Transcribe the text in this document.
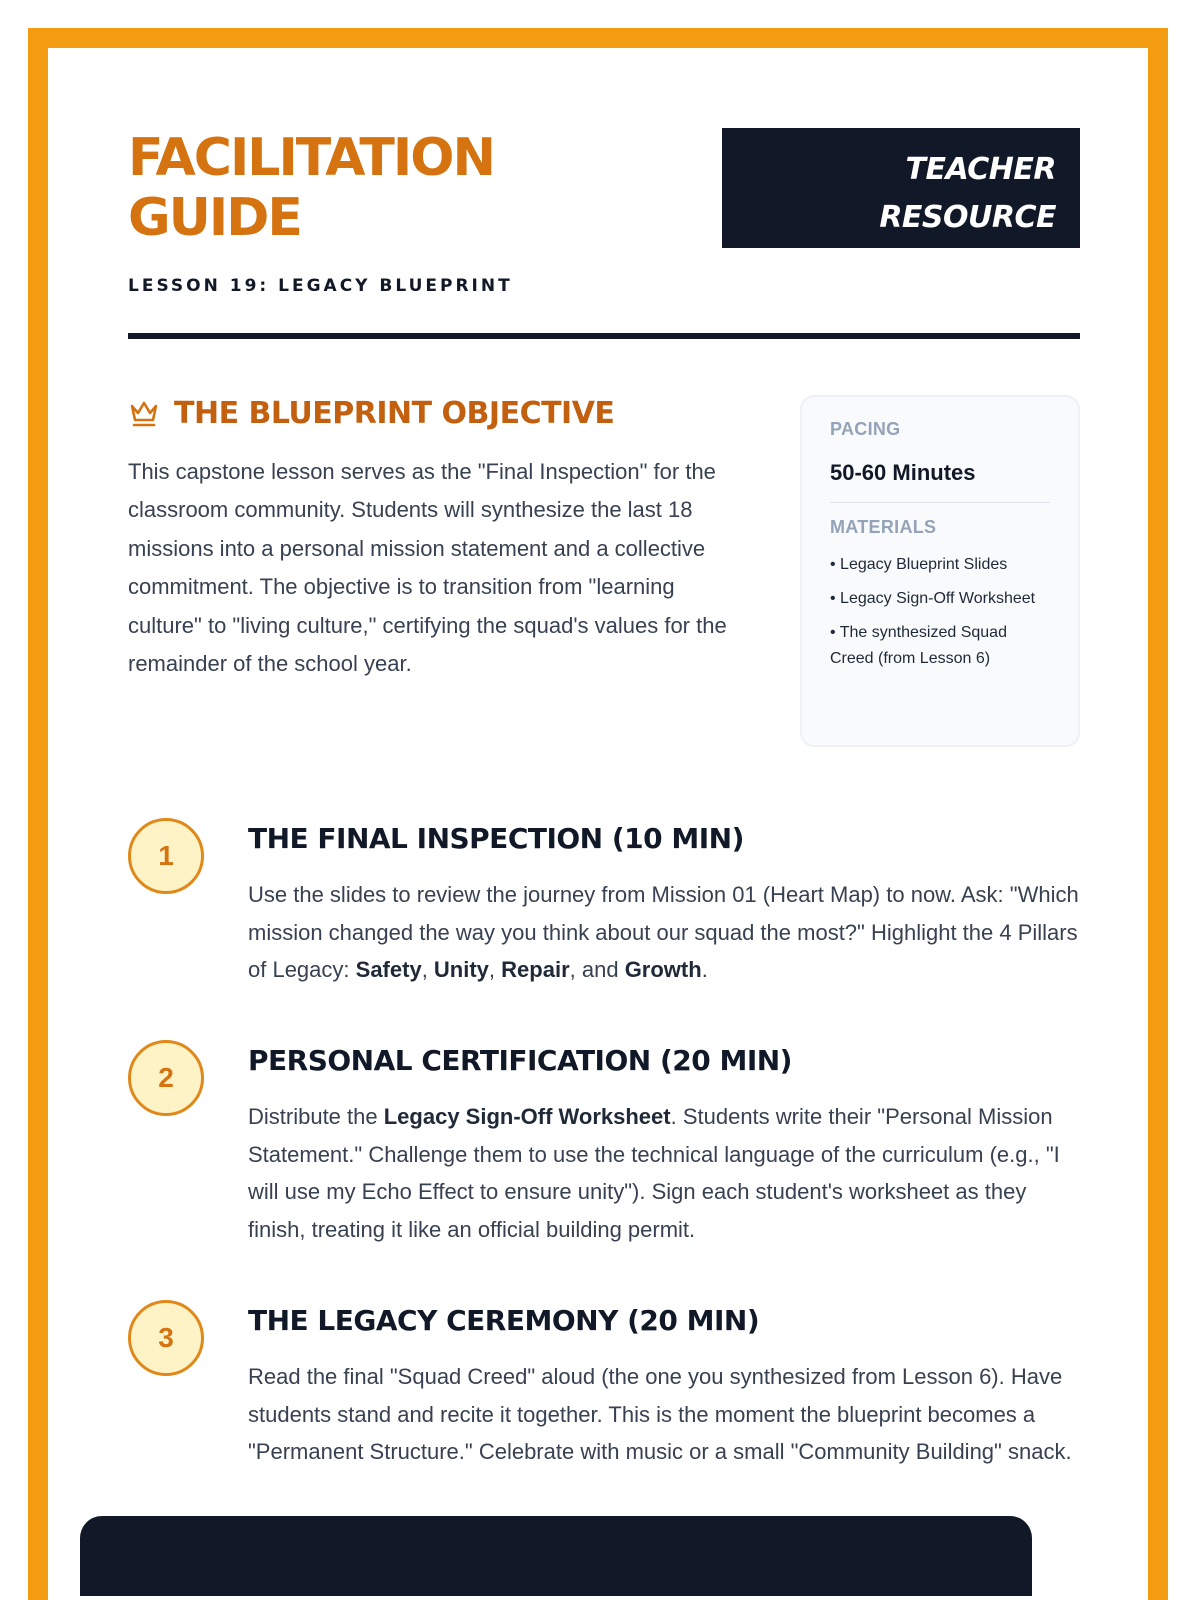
FACILITATION
GUIDE
LESSON 19: LEGACY BLUEPRINT
TEACHER
RESOURCE
THE BLUEPRINT OBJECTIVE
This capstone lesson serves as the "Final Inspection" for the classroom community. Students will synthesize the last 18 missions into a personal mission statement and a collective commitment. The objective is to transition from "learning culture" to "living culture," certifying the squad's values for the remainder of the school year.
PACING
50-60 Minutes
MATERIALS
• Legacy Blueprint Slides
• Legacy Sign-Off Worksheet
• The synthesized Squad Creed (from Lesson 6)
1
THE FINAL INSPECTION (10 MIN)
Use the slides to review the journey from Mission 01 (Heart Map) to now. Ask: "Which mission changed the way you think about our squad the most?" Highlight the 4 Pillars of Legacy: Safety, Unity, Repair, and Growth.
2
PERSONAL CERTIFICATION (20 MIN)
Distribute the Legacy Sign-Off Worksheet. Students write their "Personal Mission Statement." Challenge them to use the technical language of the curriculum (e.g., "I will use my Echo Effect to ensure unity"). Sign each student's worksheet as they finish, treating it like an official building permit.
3
THE LEGACY CEREMONY (20 MIN)
Read the final "Squad Creed" aloud (the one you synthesized from Lesson 6). Have students stand and recite it together. This is the moment the blueprint becomes a "Permanent Structure." Celebrate with music or a small "Community Building" snack.
